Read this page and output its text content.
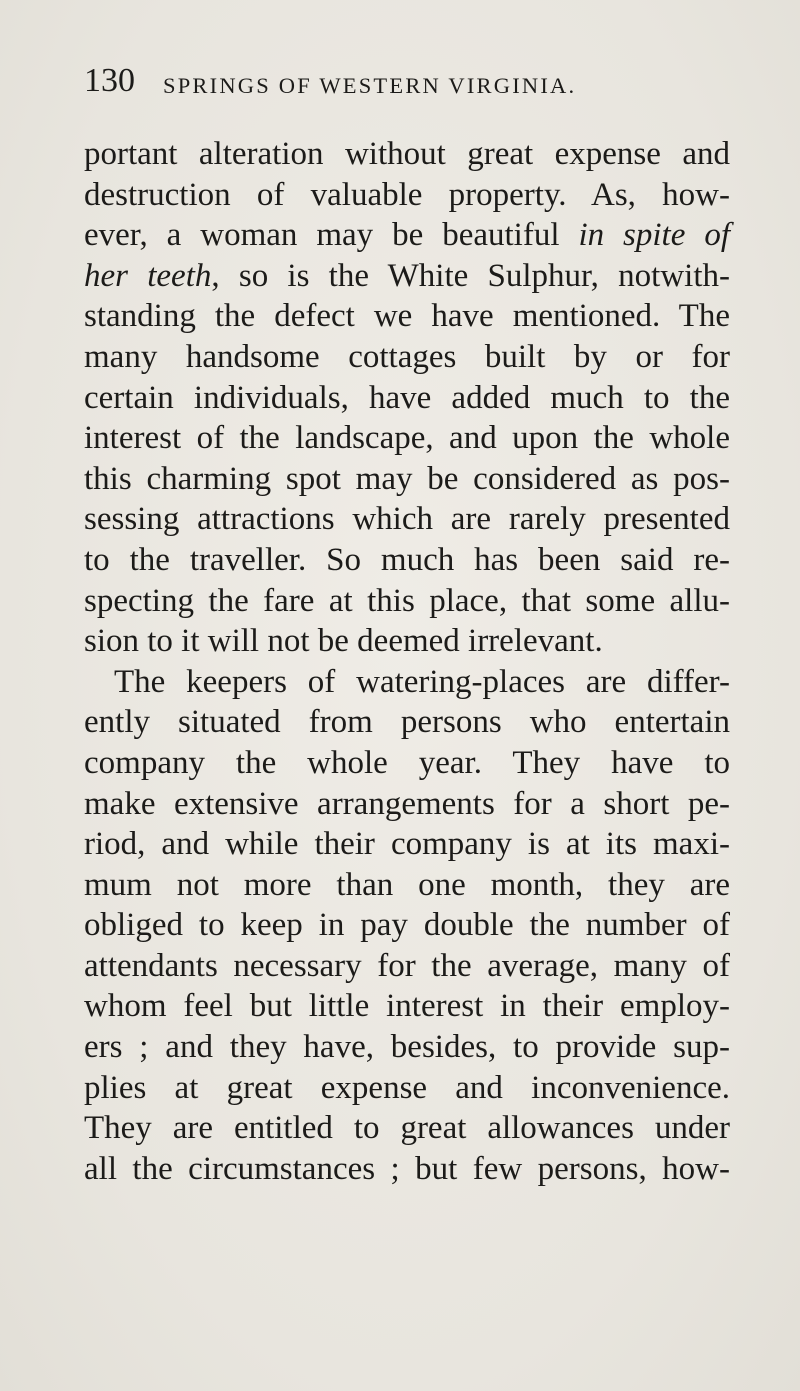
130 SPRINGS OF WESTERN VIRGINIA.
portant alteration without great expense and
destruction of valuable property. As, how-
ever, a woman may be beautiful in spite of
her teeth, so is the White Sulphur, notwith-
standing the defect we have mentioned. The
many handsome cottages built by or for
certain individuals, have added much to the
interest of the landscape, and upon the whole
this charming spot may be considered as pos-
sessing attractions which are rarely presented
to the traveller. So much has been said re-
specting the fare at this place, that some allu-
sion to it will not be deemed irrelevant.
The keepers of watering-places are differ-
ently situated from persons who entertain
company the whole year. They have to
make extensive arrangements for a short pe-
riod, and while their company is at its maxi-
mum not more than one month, they are
obliged to keep in pay double the number of
attendants necessary for the average, many of
whom feel but little interest in their employ-
ers ; and they have, besides, to provide sup-
plies at great expense and inconvenience.
They are entitled to great allowances under
all the circumstances ; but few persons, how-
